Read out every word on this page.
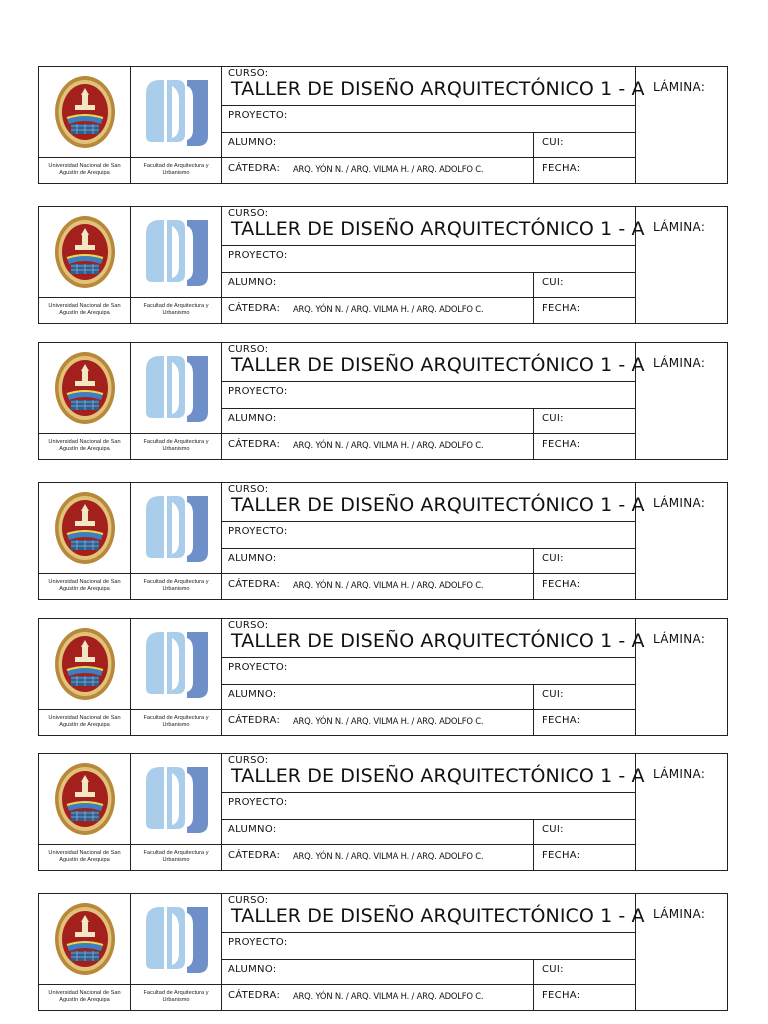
Universidad Nacional de San Agustín de Arequipa
Facultad de Arquitectura y Urbanismo
CURSO:
TALLER DE DISEÑO ARQUITECTÓNICO 1 - A
PROYECTO:
ALUMNO:	CUI:
CÁTEDRA: ARQ. YÓN N. / ARQ. VILMA H. / ARQ. ADOLFO C.	FECHA:
LÁMINA:
Universidad Nacional de San Agustín de Arequipa
Facultad de Arquitectura y Urbanismo
CURSO:
TALLER DE DISEÑO ARQUITECTÓNICO 1 - A
PROYECTO:
ALUMNO:	CUI:
CÁTEDRA: ARQ. YÓN N. / ARQ. VILMA H. / ARQ. ADOLFO C.	FECHA:
LÁMINA:
Universidad Nacional de San Agustín de Arequipa
Facultad de Arquitectura y Urbanismo
CURSO:
TALLER DE DISEÑO ARQUITECTÓNICO 1 - A
PROYECTO:
ALUMNO:	CUI:
CÁTEDRA: ARQ. YÓN N. / ARQ. VILMA H. / ARQ. ADOLFO C.	FECHA:
LÁMINA:
Universidad Nacional de San Agustín de Arequipa
Facultad de Arquitectura y Urbanismo
CURSO:
TALLER DE DISEÑO ARQUITECTÓNICO 1 - A
PROYECTO:
ALUMNO:	CUI:
CÁTEDRA: ARQ. YÓN N. / ARQ. VILMA H. / ARQ. ADOLFO C.	FECHA:
LÁMINA:
Universidad Nacional de San Agustín de Arequipa
Facultad de Arquitectura y Urbanismo
CURSO:
TALLER DE DISEÑO ARQUITECTÓNICO 1 - A
PROYECTO:
ALUMNO:	CUI:
CÁTEDRA: ARQ. YÓN N. / ARQ. VILMA H. / ARQ. ADOLFO C.	FECHA:
LÁMINA:
Universidad Nacional de San Agustín de Arequipa
Facultad de Arquitectura y Urbanismo
CURSO:
TALLER DE DISEÑO ARQUITECTÓNICO 1 - A
PROYECTO:
ALUMNO:	CUI:
CÁTEDRA: ARQ. YÓN N. / ARQ. VILMA H. / ARQ. ADOLFO C.	FECHA:
LÁMINA:
Universidad Nacional de San Agustín de Arequipa
Facultad de Arquitectura y Urbanismo
CURSO:
TALLER DE DISEÑO ARQUITECTÓNICO 1 - A
PROYECTO:
ALUMNO:	CUI:
CÁTEDRA: ARQ. YÓN N. / ARQ. VILMA H. / ARQ. ADOLFO C.	FECHA:
LÁMINA:
